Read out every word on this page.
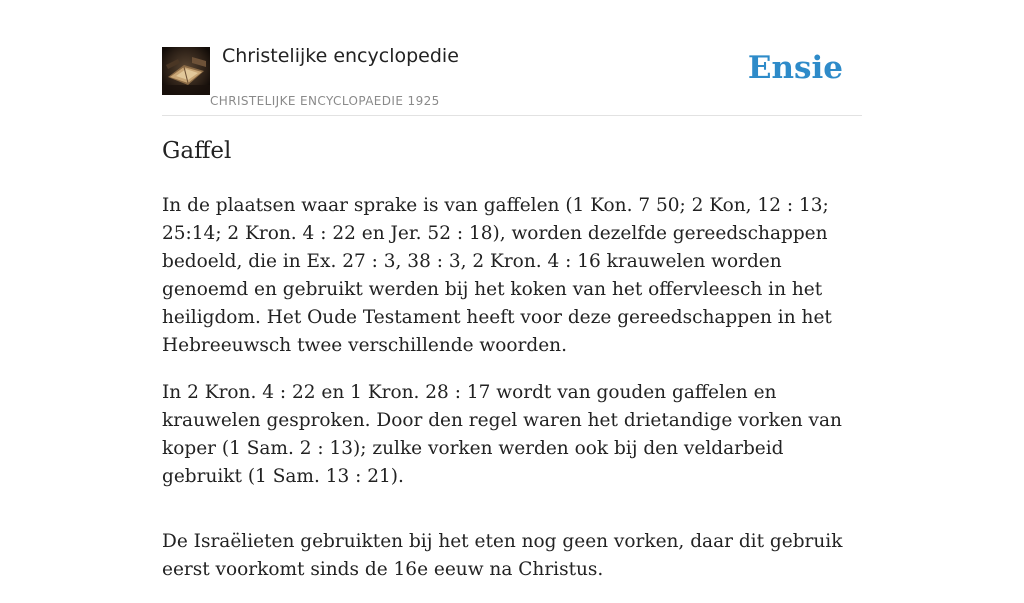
Christelijke encyclopedie
CHRISTELIJKE ENCYCLOPAEDIE 1925
Ensie
Gaffel

In de plaatsen waar sprake is van gaffelen (1 Kon. 7 50; 2 Kon, 12 : 13; 25:14; 2 Kron. 4 : 22 en Jer. 52 : 18), worden dezelfde gereedschappen bedoeld, die in Ex. 27 : 3, 38 : 3, 2 Kron. 4 : 16 krauwelen worden genoemd en gebruikt werden bij het koken van het offervleesch in het heiligdom. Het Oude Testament heeft voor deze gereedschappen in het Hebreeuwsch twee verschillende woorden.

In 2 Kron. 4 : 22 en 1 Kron. 28 : 17 wordt van gouden gaffelen en krauwelen gesproken. Door den regel waren het drietandige vorken van koper (1 Sam. 2 : 13); zulke vorken werden ook bij den veldarbeid gebruikt (1 Sam. 13 : 21).

De Israëlieten gebruikten bij het eten nog geen vorken, daar dit gebruik eerst voorkomt sinds de 16e eeuw na Christus.
